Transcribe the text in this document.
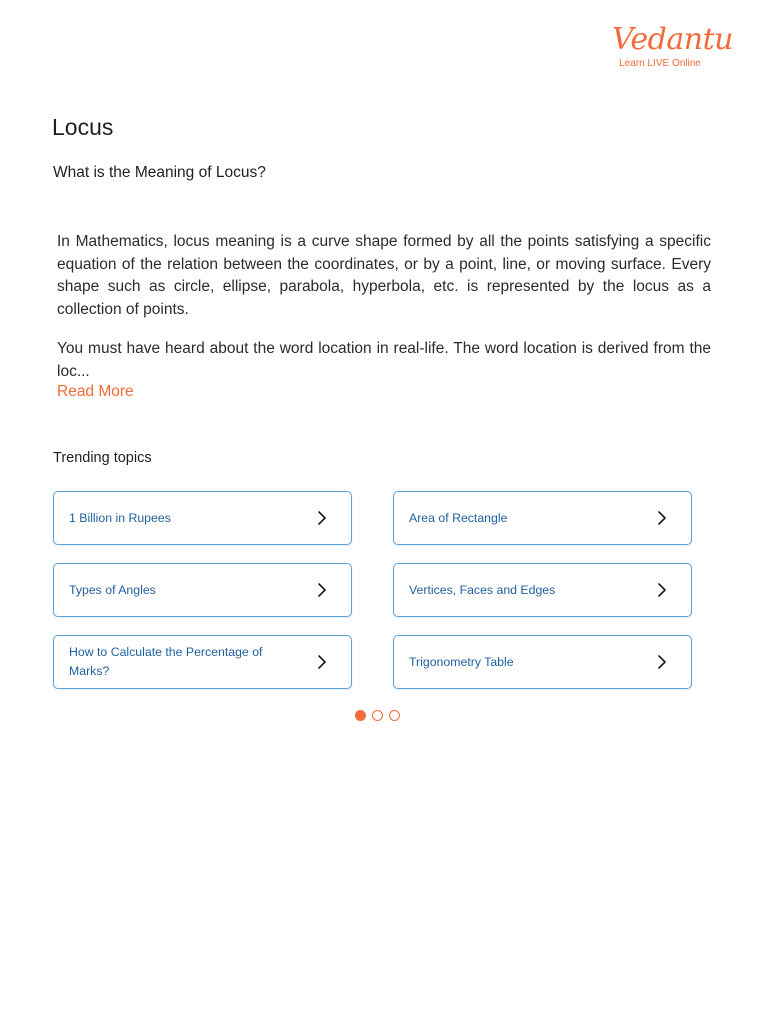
Vedantu
Learn LIVE Online
Locus
What is the Meaning of Locus?

In Mathematics, locus meaning is a curve shape formed by all the points satisfying a specific equation of the relation between the coordinates, or by a point, line, or moving surface. Every shape such as circle, ellipse, parabola, hyperbola, etc. is represented by the locus as a collection of points.

You must have heard about the word location in real-life. The word location is derived from the loc...

Read More
Trending topics
1 Billion in Rupees	Area of Rectangle
Types of Angles	Vertices, Faces and Edges
How to Calculate the Percentage of Marks?
Trigonometry Table
